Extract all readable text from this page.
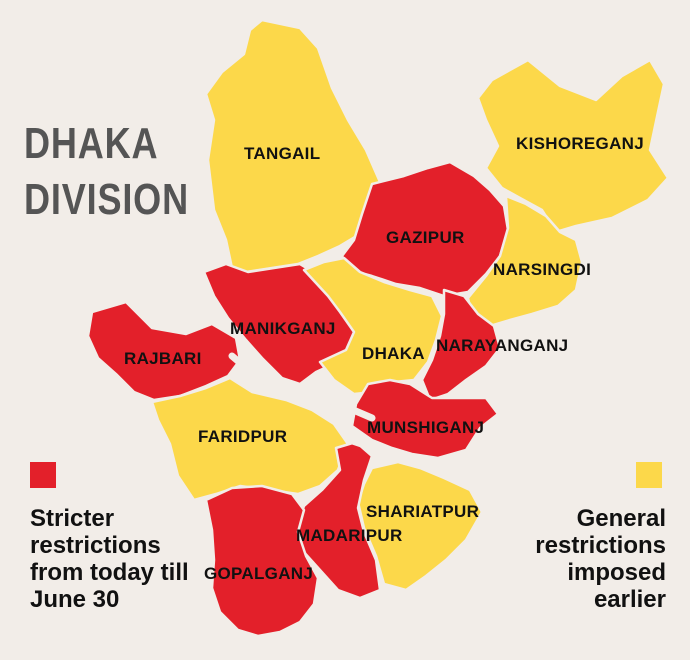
TANGAIL
KISHOREGANJ
GAZIPUR
NARSINGDI
MANIKGANJ
DHAKA NARAYANGANJ
RAJBARI
FARIDPUR	MUNSHIGANJ
SHARIATPUR
MADARIPUR
GOPALGANJ
DHAKA
DIVISION
Stricter
restrictions
from today till
June 30
General
restrictions
imposed
earlier
